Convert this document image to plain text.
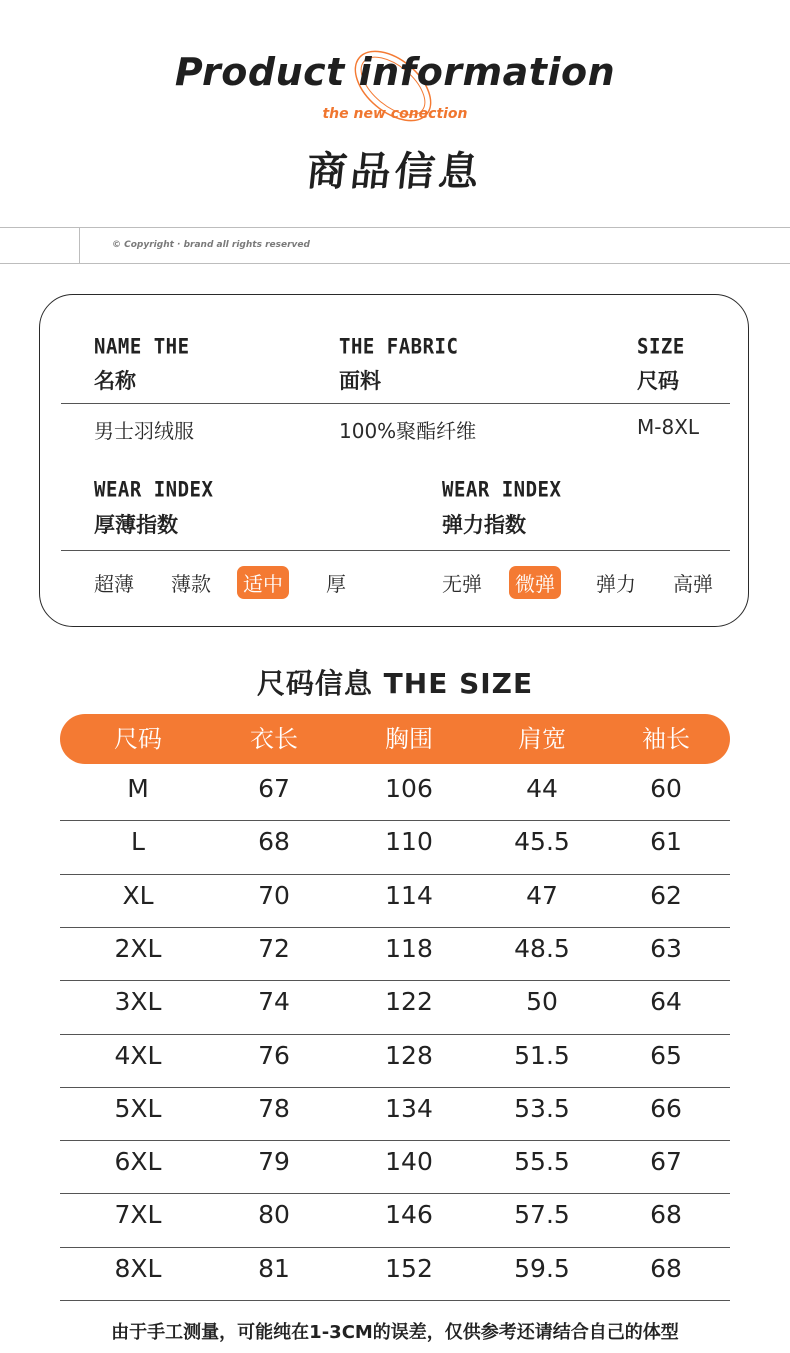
Product information
the new conection
商品信息
© Copyright · brand all rights reserved
NAME THE
名称
THE FABRIC
面料
SIZE
尺码
男士羽绒服	100%聚酯纤维	M-8XL
WEAR INDEX
厚薄指数
WEAR INDEX
弹力指数
超薄 薄款	适中	厚	无弹	微弹	弹力 高弹
尺码信息 THE SIZE
尺码	衣长	胸围	肩宽	袖长
M	67	106	44	60
L	68	110	45.5	61
XL	70	114	47	62
2XL	72	118	48.5	63
3XL	74	122	50	64
4XL	76	128	51.5	65
5XL	78	134	53.5	66
6XL	79	140	55.5	67
7XL	80	146	57.5	68
8XL	81	152	59.5	68
由于手工测量，可能纯在1-3CM的误差，仅供参考还请结合自己的体型
